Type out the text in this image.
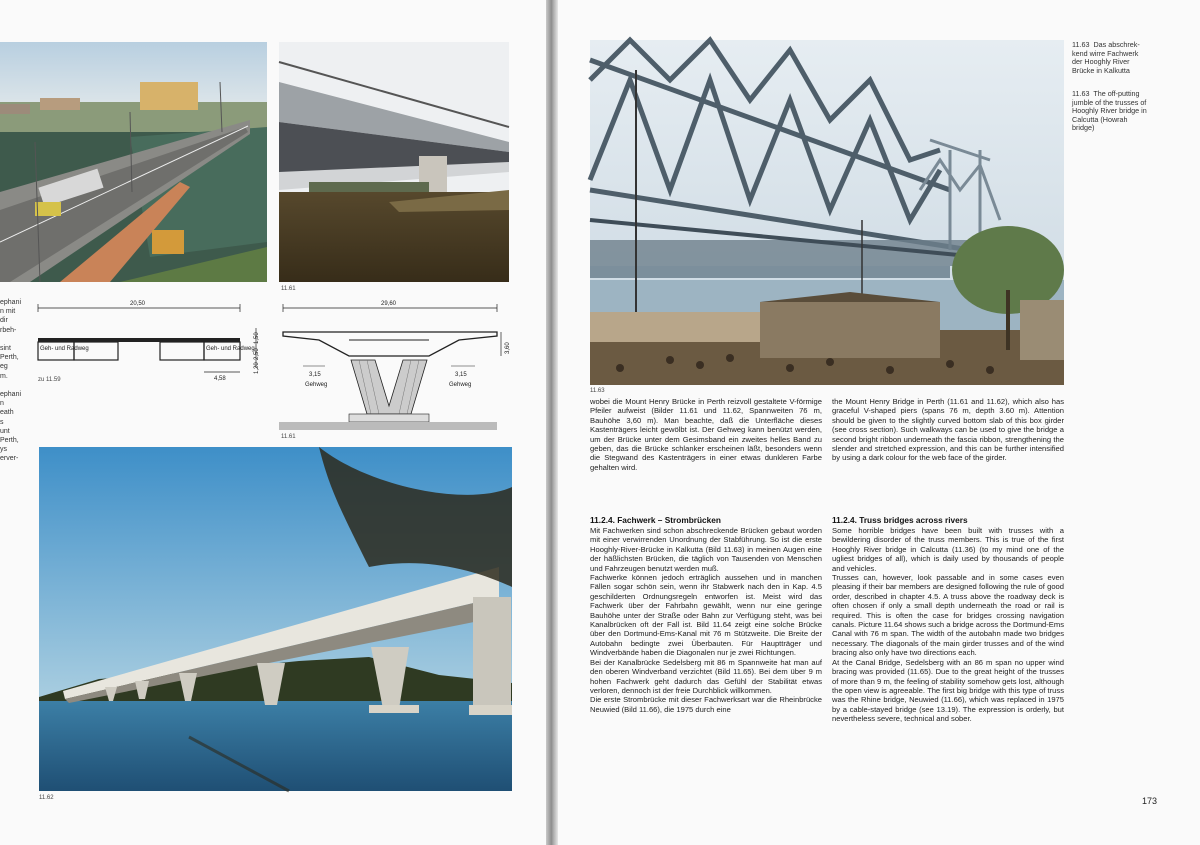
11.61
20,50
Geh- und Radweg	Geh- und Radweg
4,58
1,50
2,50
1,20
zu 11.59
29,60
3,15
Gehweg
3,15
Gehweg
3,60
11.61
ephani
n mit
dir
rbeh-

sint
Perth,
eg
m.

ephani
n
eath
s
unt
Perth,
ys
erver-
11.62
11.63
11.63  Das abschrek-
kend wirre Fachwerk
der Hooghly River
Brücke in Kalkutta
11.63  The off-putting
jumble of the trusses of
Hooghly River bridge in
Calcutta (Howrah
bridge)
wobei die Mount Henry Brücke in Perth reizvoll gestaltete V-förmige Pfeiler aufweist (Bilder 11.61 und 11.62, Spannweiten 76 m, Bauhöhe 3,60 m). Man beachte, daß die Unterfläche dieses Kastenträgers leicht gewölbt ist. Der Gehweg kann benützt werden, um der Brücke unter dem Gesimsband ein zweites helles Band zu geben, das die Brücke schlanker erscheinen läßt, besonders wenn die Stegwand des Kastenträgers in einer etwas dunkleren Farbe gehalten wird.
the Mount Henry Bridge in Perth (11.61 and 11.62), which also has graceful V-shaped piers (spans 76 m, depth 3.60 m). Attention should be given to the slightly curved bottom slab of this box girder (see cross section). Such walkways can be used to give the bridge a second bright ribbon underneath the fascia ribbon, strengthening the slender and stretched expression, and this can be further intensified by using a dark colour for the web face of the girder.
11.2.4. Fachwerk – Strombrücken	11.2.4. Truss bridges across rivers
Mit Fachwerken sind schon abschreckende Brücken gebaut worden mit einer verwirrenden Unordnung der Stabführung. So ist die erste Hooghly-River-Brücke in Kalkutta (Bild 11.63) in meinen Augen eine der häßlichsten Brücken, die täglich von Tausenden von Menschen und Fahrzeugen benutzt werden muß.
Fachwerke können jedoch erträglich aussehen und in manchen Fällen sogar schön sein, wenn ihr Stabwerk nach den in Kap. 4.5 geschilderten Ordnungsregeln entworfen ist. Meist wird das Fachwerk über der Fahrbahn gewählt, wenn nur eine geringe Bauhöhe unter der Straße oder Bahn zur Verfügung steht, was bei Kanalbrücken oft der Fall ist. Bild 11.64 zeigt eine solche Brücke über den Dortmund-Ems-Kanal mit 76 m Stützweite. Die Breite der Autobahn bedingte zwei Überbauten. Für Hauptträger und Windverbände haben die Diagonalen nur je zwei Richtungen.
Bei der Kanalbrücke Sedelsberg mit 86 m Spannweite hat man auf den oberen Windverband verzichtet (Bild 11.65). Bei dem über 9 m hohen Fachwerk geht dadurch das Gefühl der Stabilität etwas verloren, dennoch ist der freie Durchblick willkommen.
Die erste Strombrücke mit dieser Fachwerksart war die Rheinbrücke Neuwied (Bild 11.66), die 1975 durch eine
Some horrible bridges have been built with trusses with a bewildering disorder of the truss members. This is true of the first Hooghly River bridge in Calcutta (11.36) (to my mind one of the ugliest bridges of all), which is daily used by thousands of people and vehicles.
Trusses can, however, look passable and in some cases even pleasing if their bar members are designed following the rule of good order, described in chapter 4.5. A truss above the roadway deck is often chosen if only a small depth underneath the road or rail is required. This is often the case for bridges crossing navigation canals. Picture 11.64 shows such a bridge across the Dortmund-Ems Canal with 76 m span. The width of the autobahn made two bridges necessary. The diagonals of the main girder trusses and of the wind bracing also only have two directions each.
At the Canal Bridge, Sedelsberg with an 86 m span no upper wind bracing was provided (11.65). Due to the great height of the trusses of more than 9 m, the feeling of stability somehow gets lost, although the open view is agreeable. The first big bridge with this type of truss was the Rhine bridge, Neuwied (11.66), which was replaced in 1975 by a cable-stayed bridge (see 13.19). The expression is orderly, but nevertheless severe, technical and sober.
173
